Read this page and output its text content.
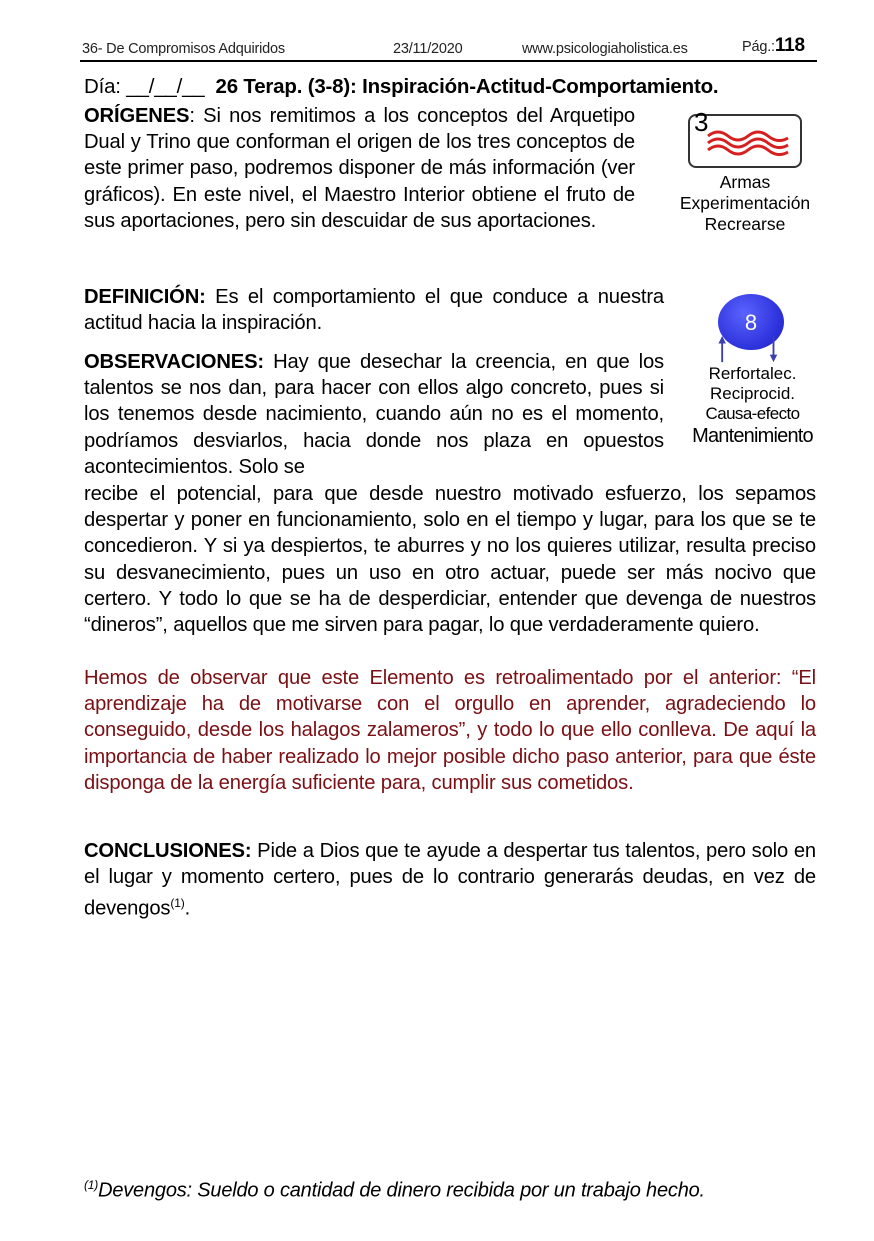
36- De Compromisos Adquiridos	23/11/2020	www.psicologiaholistica.es	Pág.:118
Día: __/__/__ 26 Terap. (3-8): Inspiración-Actitud-Comportamiento.

ORÍGENES: Si nos remitimos a los conceptos del Arquetipo Dual y Trino que conforman el origen de los tres conceptos de este primer paso, podremos disponer de más información (ver gráficos). En este nivel, el Maestro Interior obtiene el fruto de sus aportaciones, pero sin descuidar de sus aportaciones.

3
Armas
Experimentación
Recrearse

DEFINICIÓN: Es el comportamiento el que conduce a nuestra actitud hacia la inspiración.	8
Rerfortalec.
Reciprocid.
Causa-efecto
Mantenimiento

OBSERVACIONES: Hay que desechar la creencia, en que los talentos se nos dan, para hacer con ellos algo concreto, pues si los tenemos desde nacimiento, cuando aún no es el momento, podríamos desviarlos, hacia donde nos plaza en opuestos acontecimientos. Solo se

recibe el potencial, para que desde nuestro motivado esfuerzo, los sepamos despertar y poner en funcionamiento, solo en el tiempo y lugar, para los que se te concedieron. Y si ya despiertos, te aburres y no los quieres utilizar, resulta preciso su desvanecimiento, pues un uso en otro actuar, puede ser más nocivo que certero. Y todo lo que se ha de desperdiciar, entender que devenga de nuestros “dineros”, aquellos que me sirven para pagar, lo que verdaderamente quiero.

Hemos de observar que este Elemento es retroalimentado por el anterior: “El aprendizaje ha de motivarse con el orgullo en aprender, agradeciendo lo conseguido, desde los halagos zalameros”, y todo lo que ello conlleva. De aquí la importancia de haber realizado lo mejor posible dicho paso anterior, para que éste disponga de la energía suficiente para, cumplir sus cometidos.

CONCLUSIONES: Pide a Dios que te ayude a despertar tus talentos, pero solo en el lugar y momento certero, pues de lo contrario generarás deudas, en vez de devengos$^{(1)}$.

$^{(1)}$Devengos: Sueldo o cantidad de dinero recibida por un trabajo hecho.
